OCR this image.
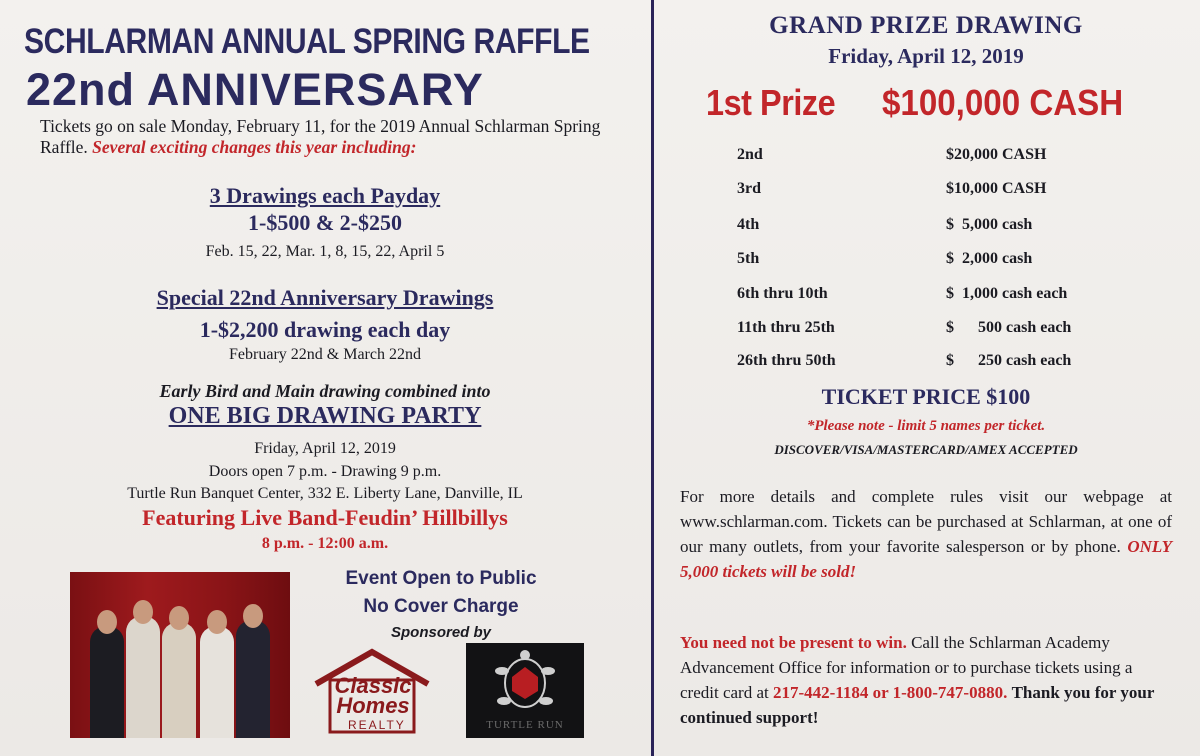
SCHLARMAN ANNUAL SPRING RAFFLE
22nd ANNIVERSARY
Tickets go on sale Monday, February 11, for the 2019 Annual Schlarman Spring Raffle. Several exciting changes this year including:
3 Drawings each Payday
1-$500 & 2-$250
Feb. 15, 22, Mar. 1, 8, 15, 22, April 5
Special 22nd Anniversary Drawings
1-$2,200 drawing each day
February 22nd & March 22nd
Early Bird and Main drawing combined into
ONE BIG DRAWING PARTY
Friday, April 12, 2019
Doors open 7 p.m. - Drawing 9 p.m.
Turtle Run Banquet Center, 332 E. Liberty Lane, Danville, IL
Featuring Live Band-Feudin’ Hillbillys
8 p.m. - 12:00 a.m.
Event Open to Public
No Cover Charge
Sponsored by
Classic
Homes
REALTY	TURTLE RUN
GRAND PRIZE DRAWING
Friday, April 12, 2019
1st Prize $100,000 CASH
2nd	$20,000 CASH
3rd	$10,000 CASH
4th	$  5,000 cash
5th	$  2,000 cash
6th thru 10th	$  1,000 cash each
11th thru 25th	$      500 cash each
26th thru 50th	$      250 cash each
TICKET PRICE $100
*Please note - limit 5 names per ticket.
DISCOVER/VISA/MASTERCARD/AMEX ACCEPTED
For more details and complete rules visit our webpage at www.schlarman.com. Tickets can be purchased at Schlarman, at one of our many outlets, from your favorite salesperson or by phone. ONLY 5,000 tickets will be sold!
You need not be present to win. Call the Schlarman Academy Advancement Office for information or to purchase tickets using a credit card at 217-442-1184 or 1-800-747-0880. Thank you for your continued support!
